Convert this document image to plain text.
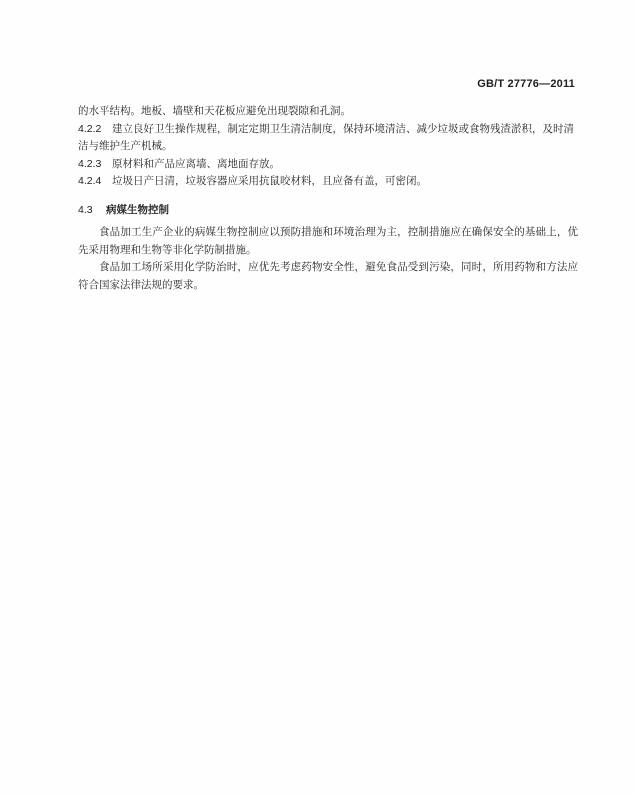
GB/T 27776—2011
的水平结构。地板、墙壁和天花板应避免出现裂隙和孔洞。
4.2.2 建立良好卫生操作规程，制定定期卫生清洁制度，保持环境清洁、减少垃圾或食物残渣淤积，及时清洁与维护生产机械。
4.2.3 原材料和产品应离墙、离地面存放。
4.2.4 垃圾日产日清，垃圾容器应采用抗鼠咬材料，且应备有盖，可密闭。
4.3 病媒生物控制

食品加工生产企业的病媒生物控制应以预防措施和环境治理为主，控制措施应在确保安全的基础上，优先采用物理和生物等非化学防制措施。

食品加工场所采用化学防治时，应优先考虑药物安全性，避免食品受到污染，同时，所用药物和方法应符合国家法律法规的要求。
